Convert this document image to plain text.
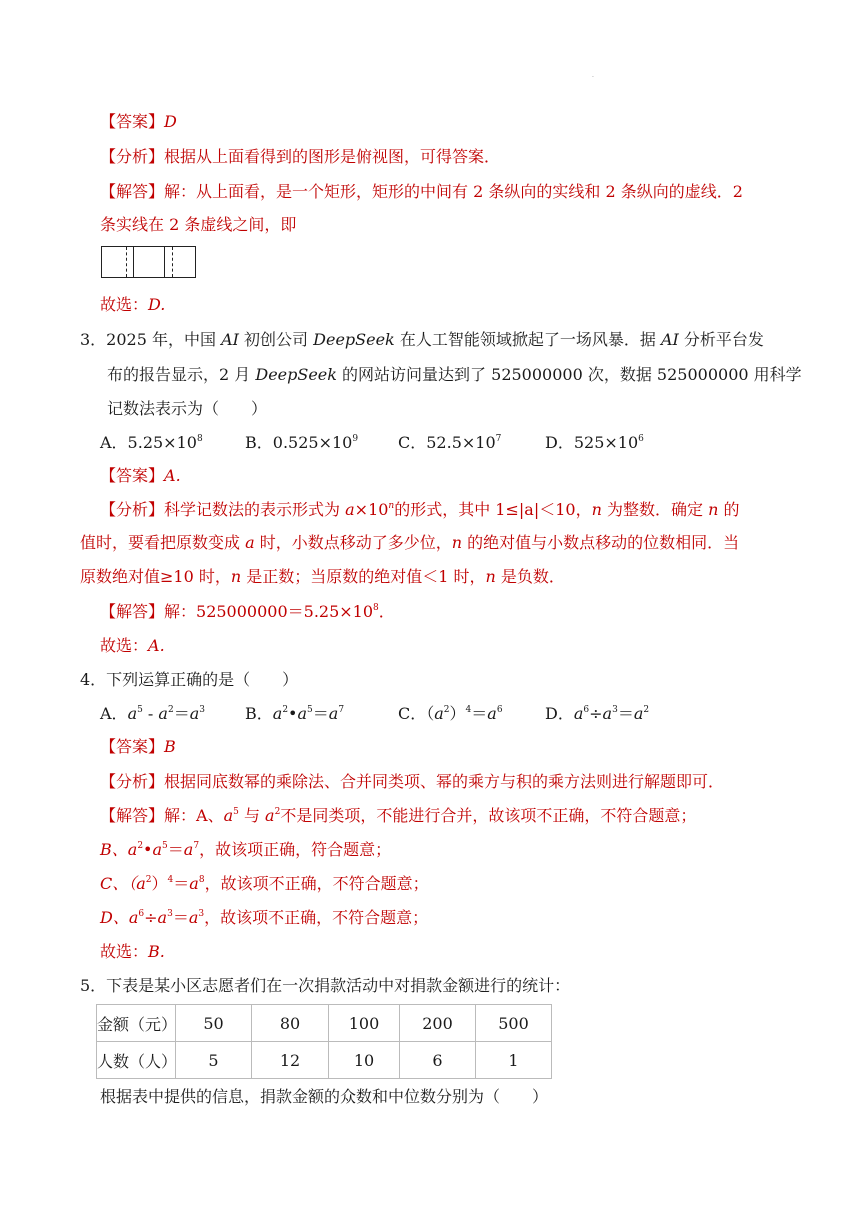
.
【答案】D
【分析】根据从上面看得到的图形是俯视图，可得答案．
【解答】解：从上面看，是一个矩形，矩形的中间有 2 条纵向的实线和 2 条纵向的虚线．2
条实线在 2 条虚线之间，即
故选：D.
3．2025 年，中国 AI 初创公司 DeepSeek 在人工智能领域掀起了一场风暴．据 AI 分析平台发
布的报告显示，2 月 DeepSeek 的网站访问量达到了 525000000 次，数据 525000000 用科学
记数法表示为（　　）
A．$5.25\times 10^8$	B．$0.525\times 10^9$ C．$52.5\times 10^7$	D．$525\times 10^6$
【答案】A.
【分析】科学记数法的表示形式为 $a\times 10^n$的形式，其中 1≤|a|＜10，n 为整数．确定 n 的
值时，要看把原数变成 a 时，小数点移动了多少位，n 的绝对值与小数点移动的位数相同．当
原数绝对值≥10 时，n 是正数；当原数的绝对值＜1 时，n 是负数．
【解答】解：$525000000=5.25\times 10^8$．
故选：A.
4．下列运算正确的是（　　）
A．$a^5 - a^2=a^3$	B．$a^2•a^5=a^7$	C．$(a^2)^4=a^6$	D．$a^6\div a^3=a^2$
【答案】B
【分析】根据同底数幂的乘除法、合并同类项、幂的乘方与积的乘方法则进行解题即可．
【解答】解：A、$a^5$ 与 $a^2$不是同类项，不能进行合并，故该项不正确，不符合题意；
B、$a^2•a^5=a^7$，故该项正确，符合题意；
C、$(a^2)^4=a^8$，故该项不正确，不符合题意；
D、$a^6\div a^3=a^3$，故该项不正确，不符合题意；
故选：B.
5．下表是某小区志愿者们在一次捐款活动中对捐款金额进行的统计：
金额（元）	50	80	100	200	500
人数（人）	5	12	10	6	1
根据表中提供的信息，捐款金额的众数和中位数分别为（　　）
